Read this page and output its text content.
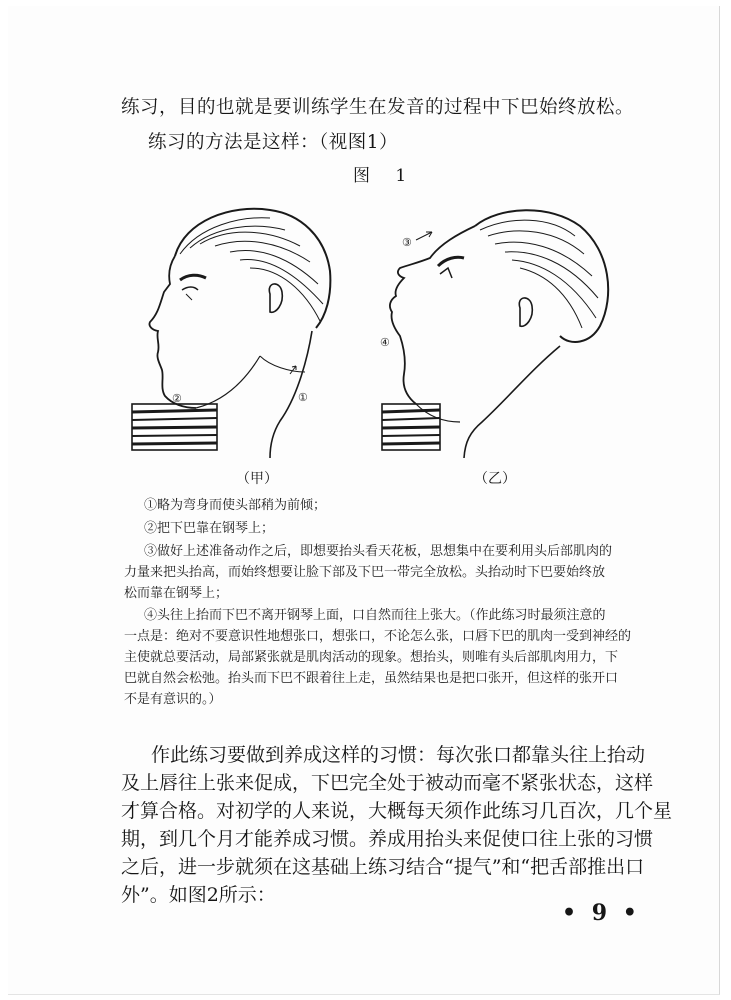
练习，目的也就是要训练学生在发音的过程中下巴始终放松。

练习的方法是这样：（视图1）

图 1

②	①
③
④

（甲）	（乙）

①略为弯身而使头部稍为前倾；

②把下巴靠在钢琴上；

③做好上述准备动作之后，即想要抬头看天花板，思想集中在要利用头后部肌肉的

力量来把头抬高，而始终想要让脸下部及下巴一带完全放松。头抬动时下巴要始终放

松而靠在钢琴上；

④头往上抬而下巴不离开钢琴上面，口自然而往上张大。（作此练习时最须注意的

一点是：绝对不要意识性地想张口，想张口，不论怎么张，口唇下巴的肌肉一受到神经的

主使就总要活动，局部紧张就是肌肉活动的现象。想抬头，则唯有头后部肌肉用力，下

巴就自然会松弛。抬头而下巴不跟着往上走，虽然结果也是把口张开，但这样的张开口

不是有意识的。）

作此练习要做到养成这样的习惯：每次张口都靠头往上抬动

及上唇往上张来促成，下巴完全处于被动而毫不紧张状态，这样

才算合格。对初学的人来说，大概每天须作此练习几百次，几个星

期，到几个月才能养成习惯。养成用抬头来促使口往上张的习惯

之后，进一步就须在这基础上练习结合“提气”和“把舌部推出口

外”。如图2所示：

• 9 •
